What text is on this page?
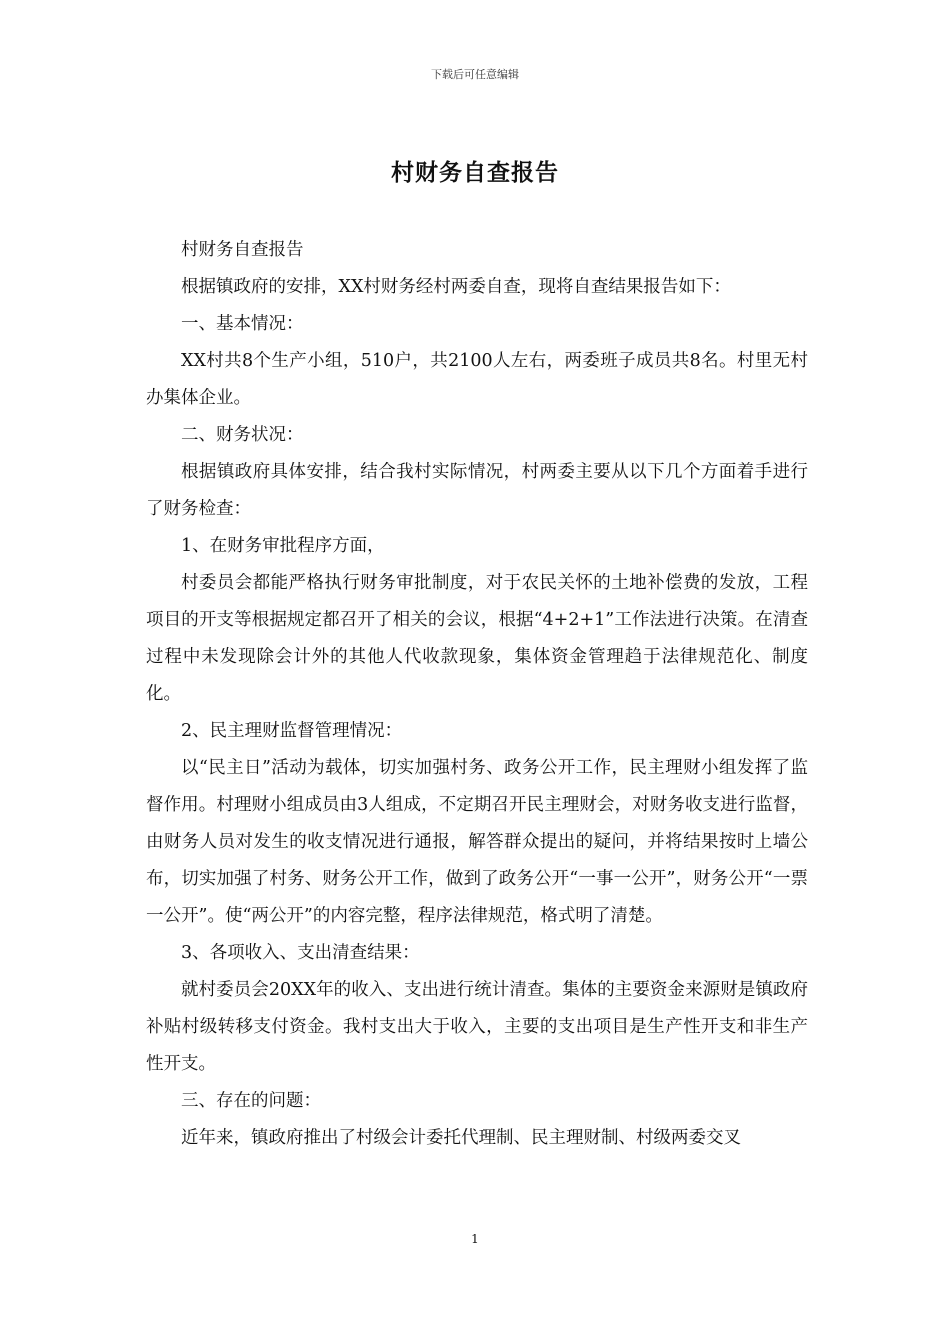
下载后可任意编辑
村财务自查报告

村财务自查报告

根据镇政府的安排，XX村财务经村两委自查，现将自查结果报告如下：

一、基本情况：

XX村共8个生产小组，510户，共2100人左右，两委班子成员共8名。村里无村办集体企业。

二、财务状况：

根据镇政府具体安排，结合我村实际情况，村两委主要从以下几个方面着手进行了财务检查：

1、在财务审批程序方面，

村委员会都能严格执行财务审批制度，对于农民关怀的土地补偿费的发放，工程项目的开支等根据规定都召开了相关的会议，根据“4+2+1”工作法进行决策。在清查过程中未发现除会计外的其他人代收款现象，集体资金管理趋于法律规范化、制度化。

2、民主理财监督管理情况：

以“民主日”活动为载体，切实加强村务、政务公开工作，民主理财小组发挥了监督作用。村理财小组成员由3人组成，不定期召开民主理财会，对财务收支进行监督，由财务人员对发生的收支情况进行通报，解答群众提出的疑问，并将结果按时上墙公布，切实加强了村务、财务公开工作，做到了政务公开“一事一公开”，财务公开“一票一公开”。使“两公开”的内容完整，程序法律规范，格式明了清楚。

3、各项收入、支出清查结果：

就村委员会20XX年的收入、支出进行统计清查。集体的主要资金来源财是镇政府补贴村级转移支付资金。我村支出大于收入，主要的支出项目是生产性开支和非生产性开支。

三、存在的问题：

近年来，镇政府推出了村级会计委托代理制、民主理财制、村级两委交叉

1
